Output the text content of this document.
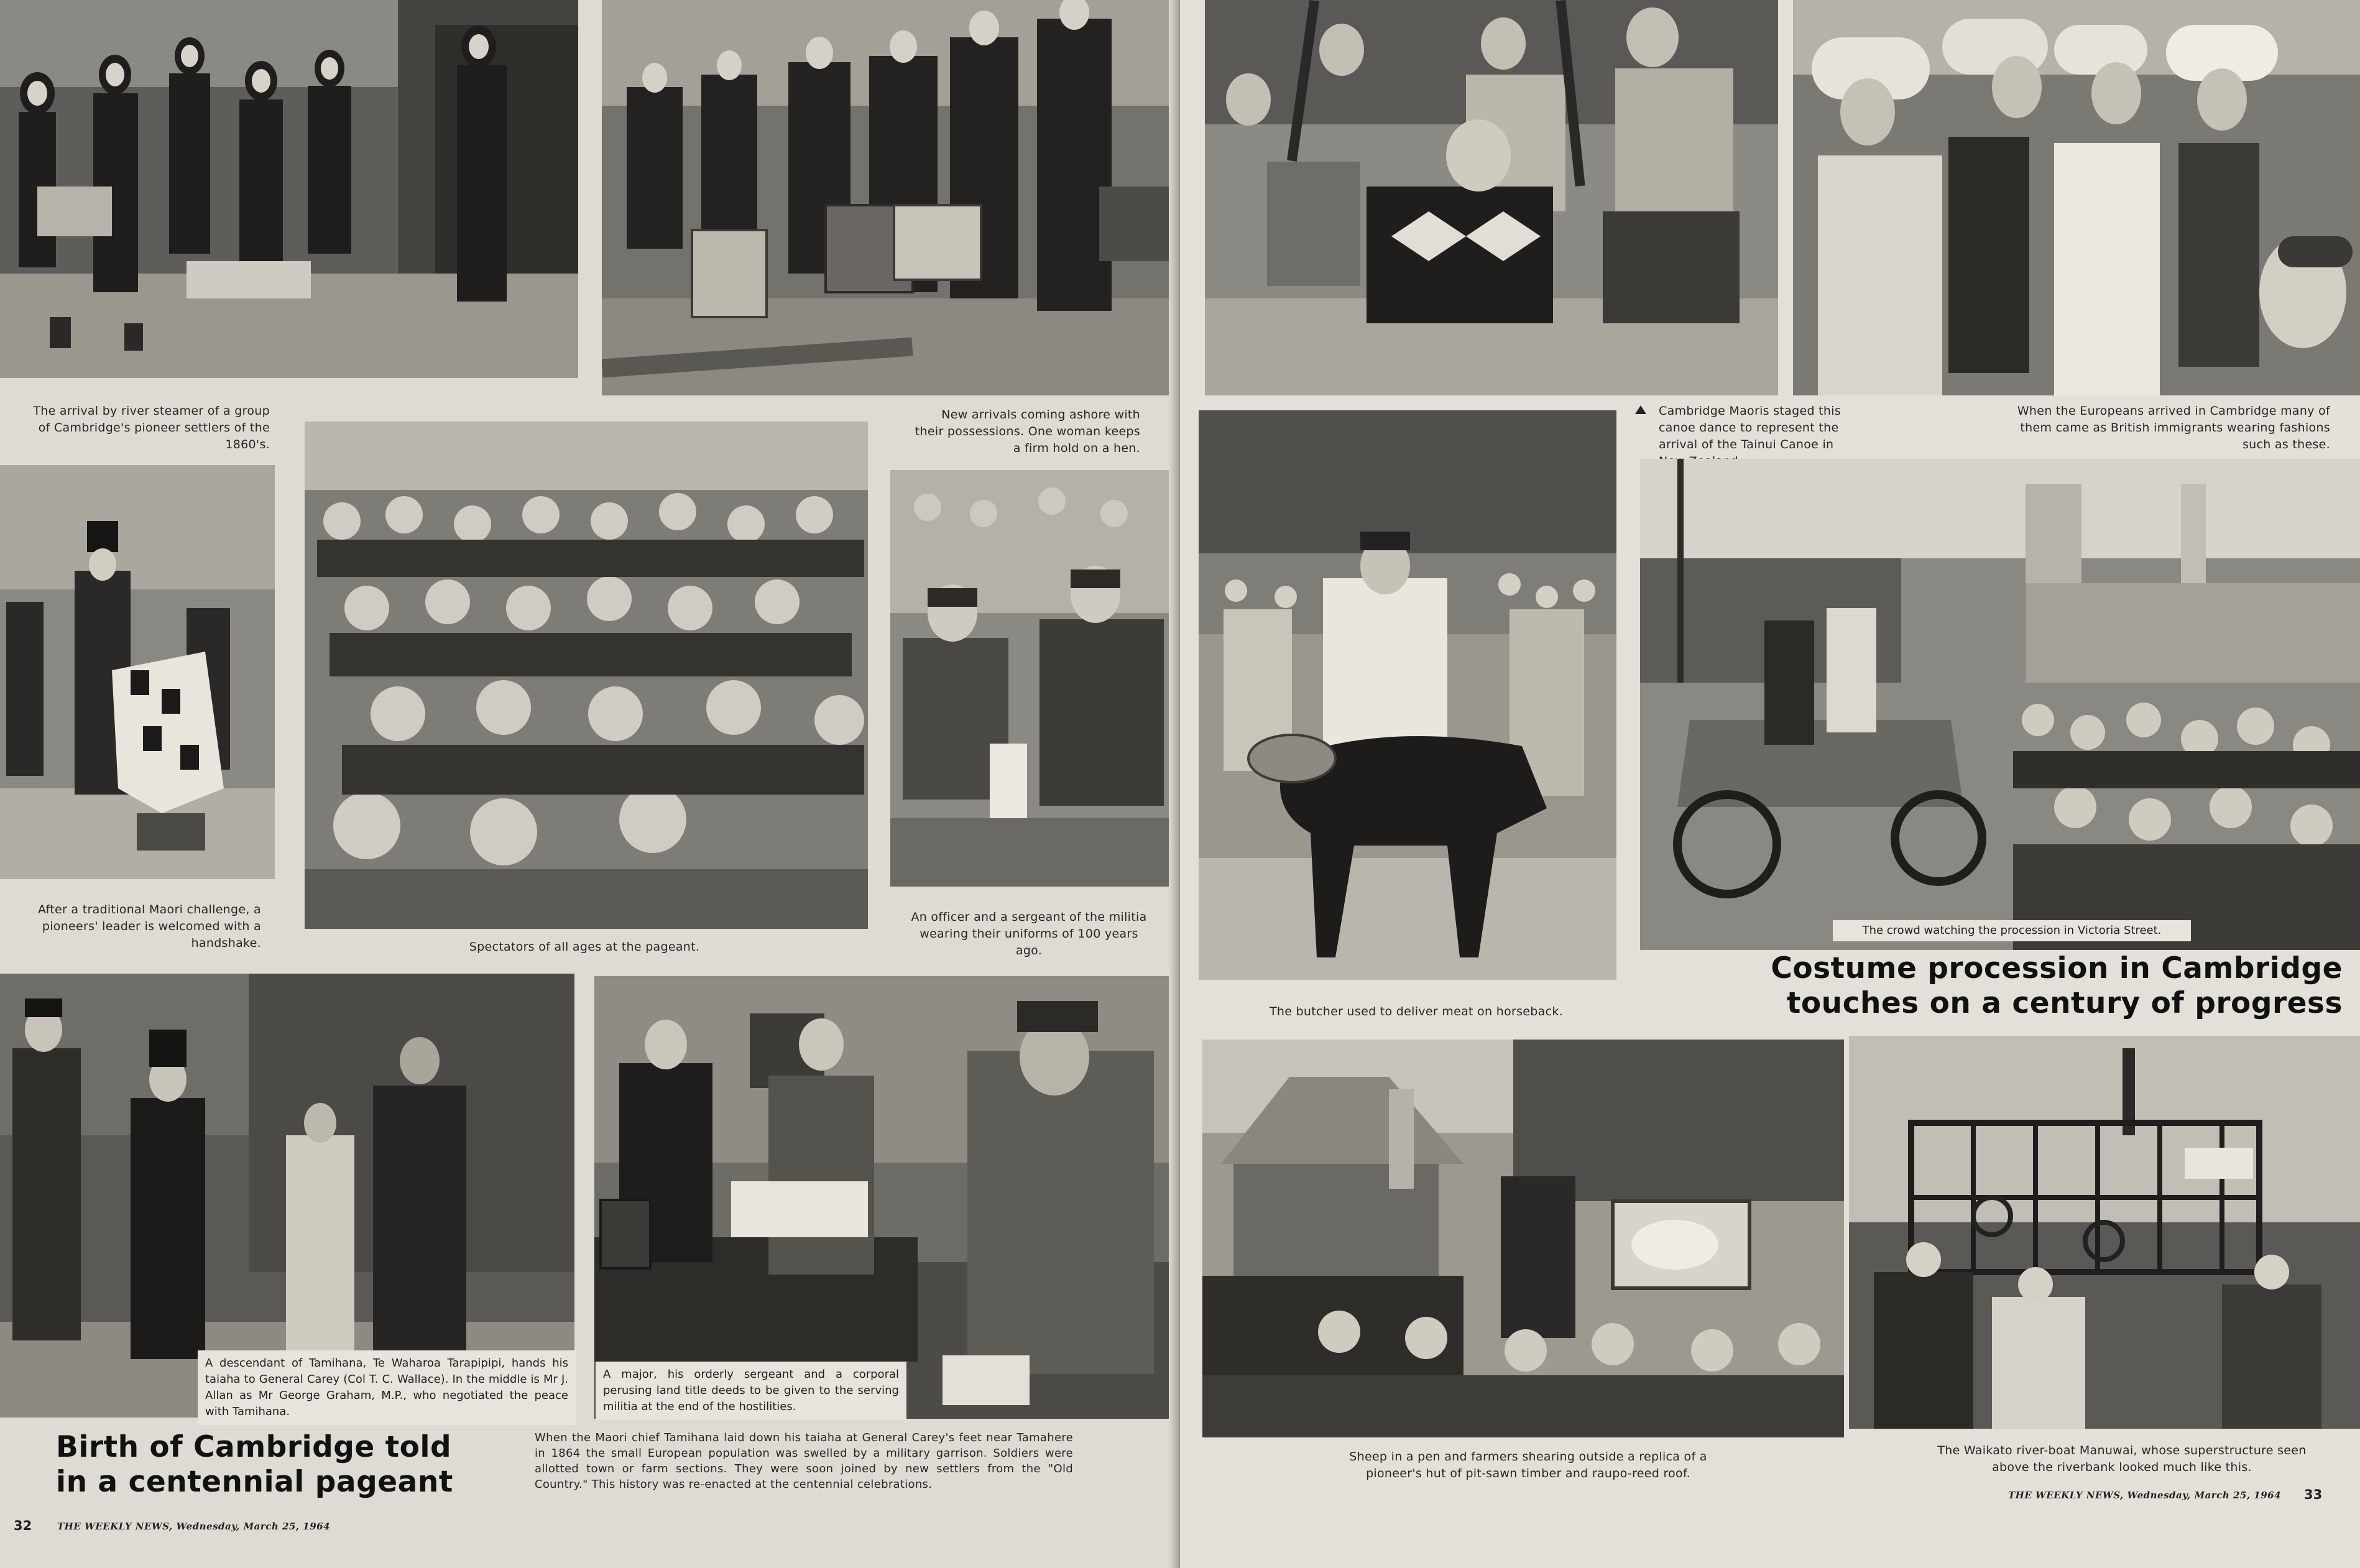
The arrival by river steamer of a group of Cambridge's pioneer settlers of the 1860's.
New arrivals coming ashore with their possessions. One woman keeps a firm hold on a hen.
After a traditional Maori challenge, a pioneers' leader is welcomed with a handshake.	Spectators of all ages at the pageant.
An officer and a sergeant of the militia wearing their uniforms of 100 years ago.
A descendant of Tamihana, Te Waharoa Tarapipipi, hands his taiaha to General Carey (Col T. C. Wallace). In the middle is Mr J. Allan as Mr George Graham, M.P., who negotiated the peace with Tamihana.
A major, his orderly sergeant and a corporal perusing land title deeds to be given to the serving militia at the end of the hostilities.
Birth of Cambridge told
in a centennial pageant
When the Maori chief Tamihana laid down his taiaha at General Carey's feet near Tamahere in 1864 the small European population was swelled by a military garrison. Soldiers were allotted town or farm sections. They were soon joined by new settlers from the "Old Country." This history was re-enacted at the centennial celebrations.
32	THE WEEKLY NEWS, Wednesday, March 25, 1964
Cambridge Maoris staged this canoe dance to represent the arrival of the Tainui Canoe in
When the Europeans arrived in Cambridge many of them came as British immigrants wearing fashions such as these.
The crowd watching the procession in Victoria Street.
The butcher used to deliver meat on horseback.
Costume procession in Cambridge
touches on a century of progress
Sheep in a pen and farmers shearing outside a replica of a pioneer's hut of pit-sawn timber and raupo-reed roof.
The Waikato river-boat Manuwai, whose superstructure seen above the riverbank looked much like this.
THE WEEKLY NEWS, Wednesday, March 25, 1964 33
